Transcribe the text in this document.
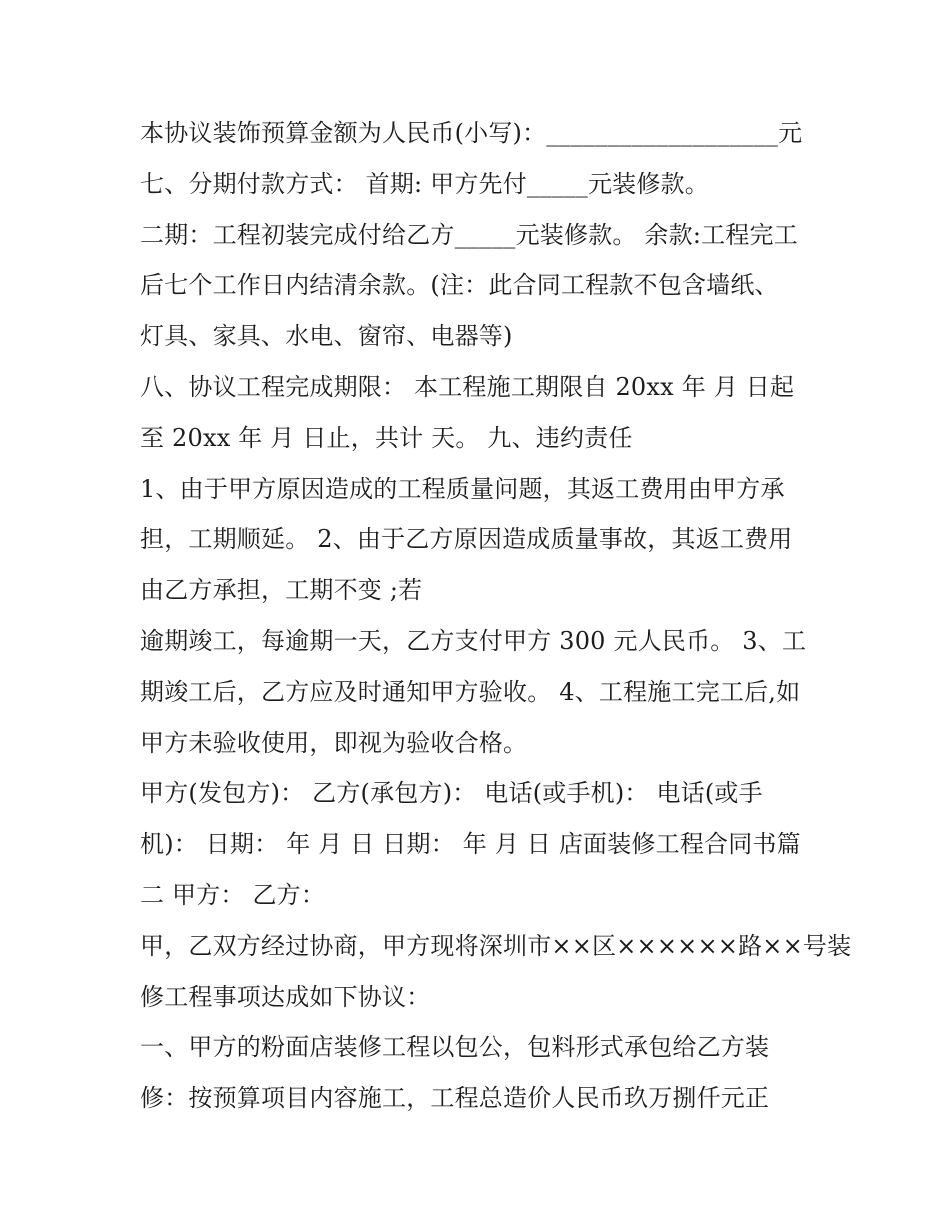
本协议装饰预算金额为人民币(小写)：___________________元
七、分期付款方式： 首期: 甲方先付_____元装修款。
二期：工程初装完成付给乙方_____元装修款。 余款:工程完工
后七个工作日内结清余款。(注：此合同工程款不包含墙纸、
灯具、家具、水电、窗帘、电器等)
八、协议工程完成期限： 本工程施工期限自 20xx 年 月 日起
至 20xx 年 月 日止，共计 天。 九、违约责任
1、由于甲方原因造成的工程质量问题，其返工费用由甲方承
担，工期顺延。 2、由于乙方原因造成质量事故，其返工费用
由乙方承担，工期不变 ;若
逾期竣工，每逾期一天，乙方支付甲方 300 元人民币。 3、工
期竣工后，乙方应及时通知甲方验收。 4、工程施工完工后,如
甲方未验收使用，即视为验收合格。
甲方(发包方)： 乙方(承包方)： 电话(或手机)： 电话(或手
机)： 日期： 年 月 日 日期： 年 月 日 店面装修工程合同书篇
二 甲方： 乙方：
甲，乙双方经过协商，甲方现将深圳市××区××××××路××号装
修工程事项达成如下协议：
一、甲方的粉面店装修工程以包公，包料形式承包给乙方装
修：按预算项目内容施工，工程总造价人民币玖万捌仟元正
